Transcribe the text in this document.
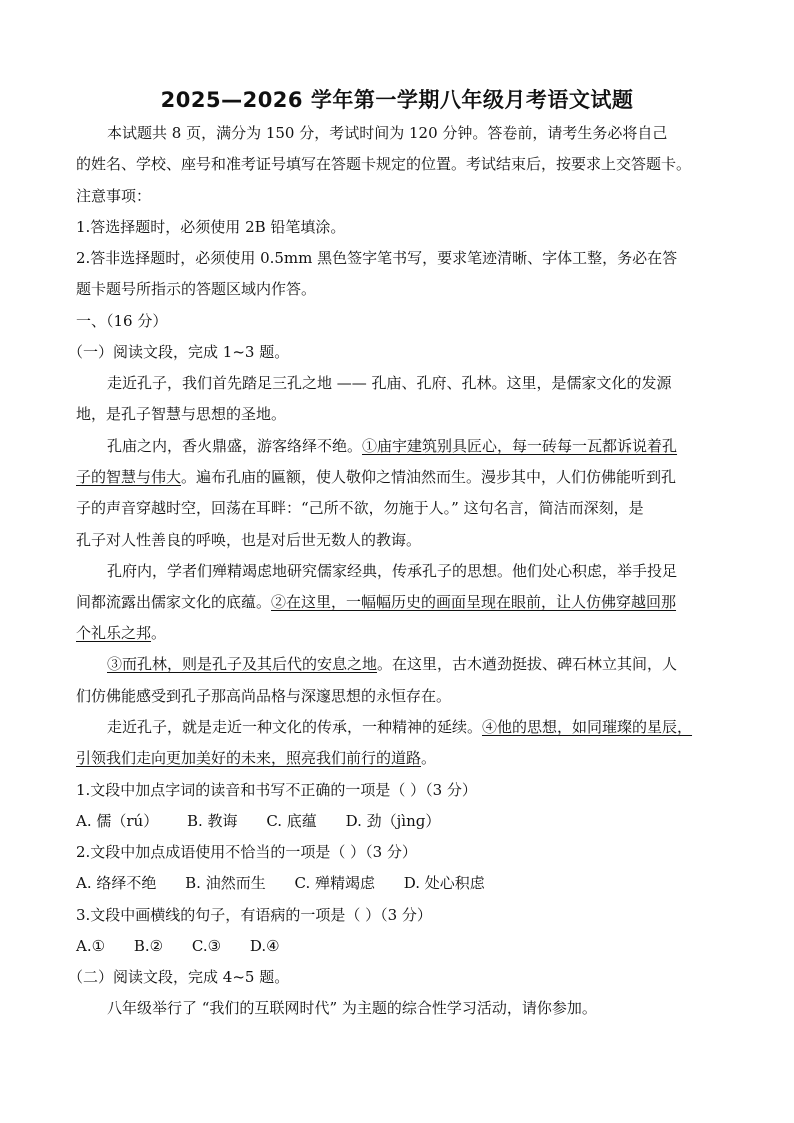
2025—2026 学年第一学期八年级月考语文试题
本试题共 8 页，满分为 150 分，考试时间为 120 分钟。答卷前，请考生务必将自己
的姓名、学校、座号和准考证号填写在答题卡规定的位置。考试结束后，按要求上交答题卡。
注意事项：
1.答选择题时，必须使用 2B 铅笔填涂。
2.答非选择题时，必须使用 0.5mm 黑色签字笔书写，要求笔迹清晰、字体工整，务必在答
题卡题号所指示的答题区域内作答。
一、（16 分）
（一）阅读文段，完成 1~3 题。
走近孔子，我们首先踏足三孔之地 —— 孔庙、孔府、孔林。这里，是儒家文化的发源
地，是孔子智慧与思想的圣地。
孔庙之内，香火鼎盛，游客络绎不绝。①庙宇建筑别具匠心，每一砖每一瓦都诉说着孔
子的智慧与伟大。遍布孔庙的匾额，使人敬仰之情油然而生。漫步其中，人们仿佛能听到孔
子的声音穿越时空，回荡在耳畔：“己所不欲，勿施于人。” 这句名言，简洁而深刻，是
孔子对人性善良的呼唤，也是对后世无数人的教诲。
孔府内，学者们殚精竭虑地研究儒家经典，传承孔子的思想。他们处心积虑，举手投足
间都流露出儒家文化的底蕴。②在这里，一幅幅历史的画面呈现在眼前，让人仿佛穿越回那
个礼乐之邦。
③而孔林，则是孔子及其后代的安息之地。在这里，古木遒劲挺拔、碑石林立其间，人
们仿佛能感受到孔子那高尚品格与深邃思想的永恒存在。
走近孔子，就是走近一种文化的传承，一种精神的延续。④他的思想，如同璀璨的星辰，
引领我们走向更加美好的未来，照亮我们前行的道路。
1.文段中加点字词的读音和书写不正确的一项是（ ）（3 分）
A. 儒（rú） B. 教诲 C. 底蕴 D. 劲（jìnɡ）
2.文段中加点成语使用不恰当的一项是（ ）（3 分）
A. 络绎不绝 B. 油然而生 C. 殚精竭虑 D. 处心积虑
3.文段中画横线的句子，有语病的一项是（ ）（3 分）
A.① B.② C.③ D.④
（二）阅读文段，完成 4~5 题。
八年级举行了 “我们的互联网时代” 为主题的综合性学习活动，请你参加。
